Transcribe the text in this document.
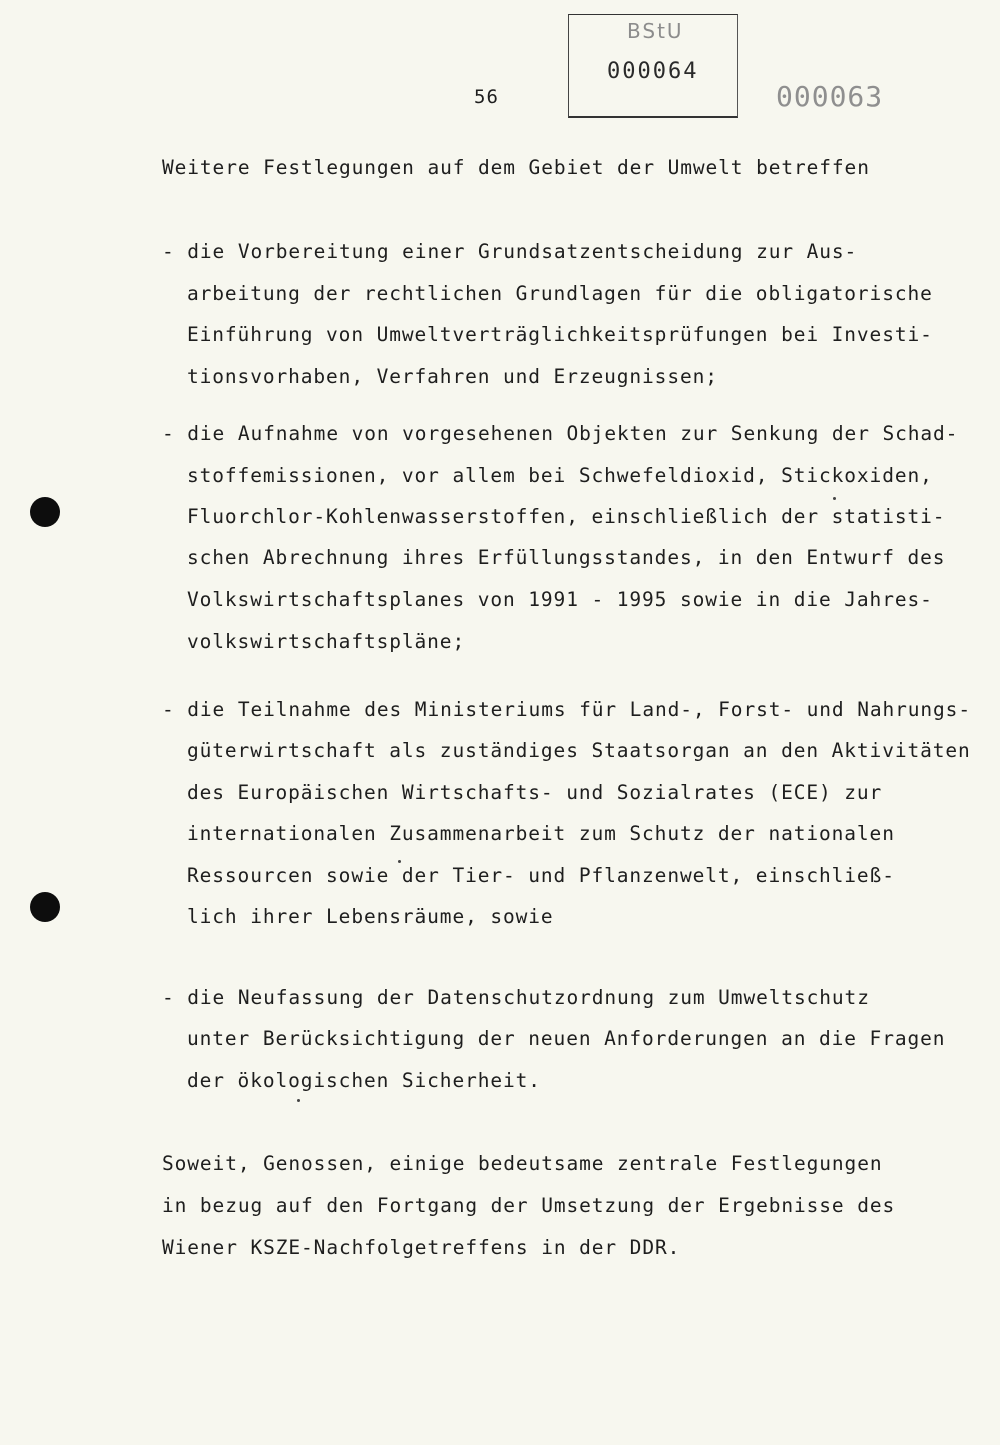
56
BStU
000064
000063
Weitere Festlegungen auf dem Gebiet der Umwelt betreffen
- die Vorbereitung einer Grundsatzentscheidung zur Aus-
arbeitung der rechtlichen Grundlagen für die obligatorische
Einführung von Umweltverträglichkeitsprüfungen bei Investi-
tionsvorhaben, Verfahren und Erzeugnissen;
- die Aufnahme von vorgesehenen Objekten zur Senkung der Schad-
stoffemissionen, vor allem bei Schwefeldioxid, Stickoxiden,
Fluorchlor-Kohlenwasserstoffen, einschließlich der statisti-
schen Abrechnung ihres Erfüllungsstandes, in den Entwurf des
Volkswirtschaftsplanes von 1991 - 1995 sowie in die Jahres-
volkswirtschaftspläne;
- die Teilnahme des Ministeriums für Land-, Forst- und Nahrungs-
güterwirtschaft als zuständiges Staatsorgan an den Aktivitäten
des Europäischen Wirtschafts- und Sozialrates (ECE) zur
internationalen Zusammenarbeit zum Schutz der nationalen
Ressourcen sowie der Tier- und Pflanzenwelt, einschließ-
lich ihrer Lebensräume, sowie
- die Neufassung der Datenschutzordnung zum Umweltschutz
unter Berücksichtigung der neuen Anforderungen an die Fragen
der ökologischen Sicherheit.
Soweit, Genossen, einige bedeutsame zentrale Festlegungen
in bezug auf den Fortgang der Umsetzung der Ergebnisse des
Wiener KSZE-Nachfolgetreffens in der DDR.
